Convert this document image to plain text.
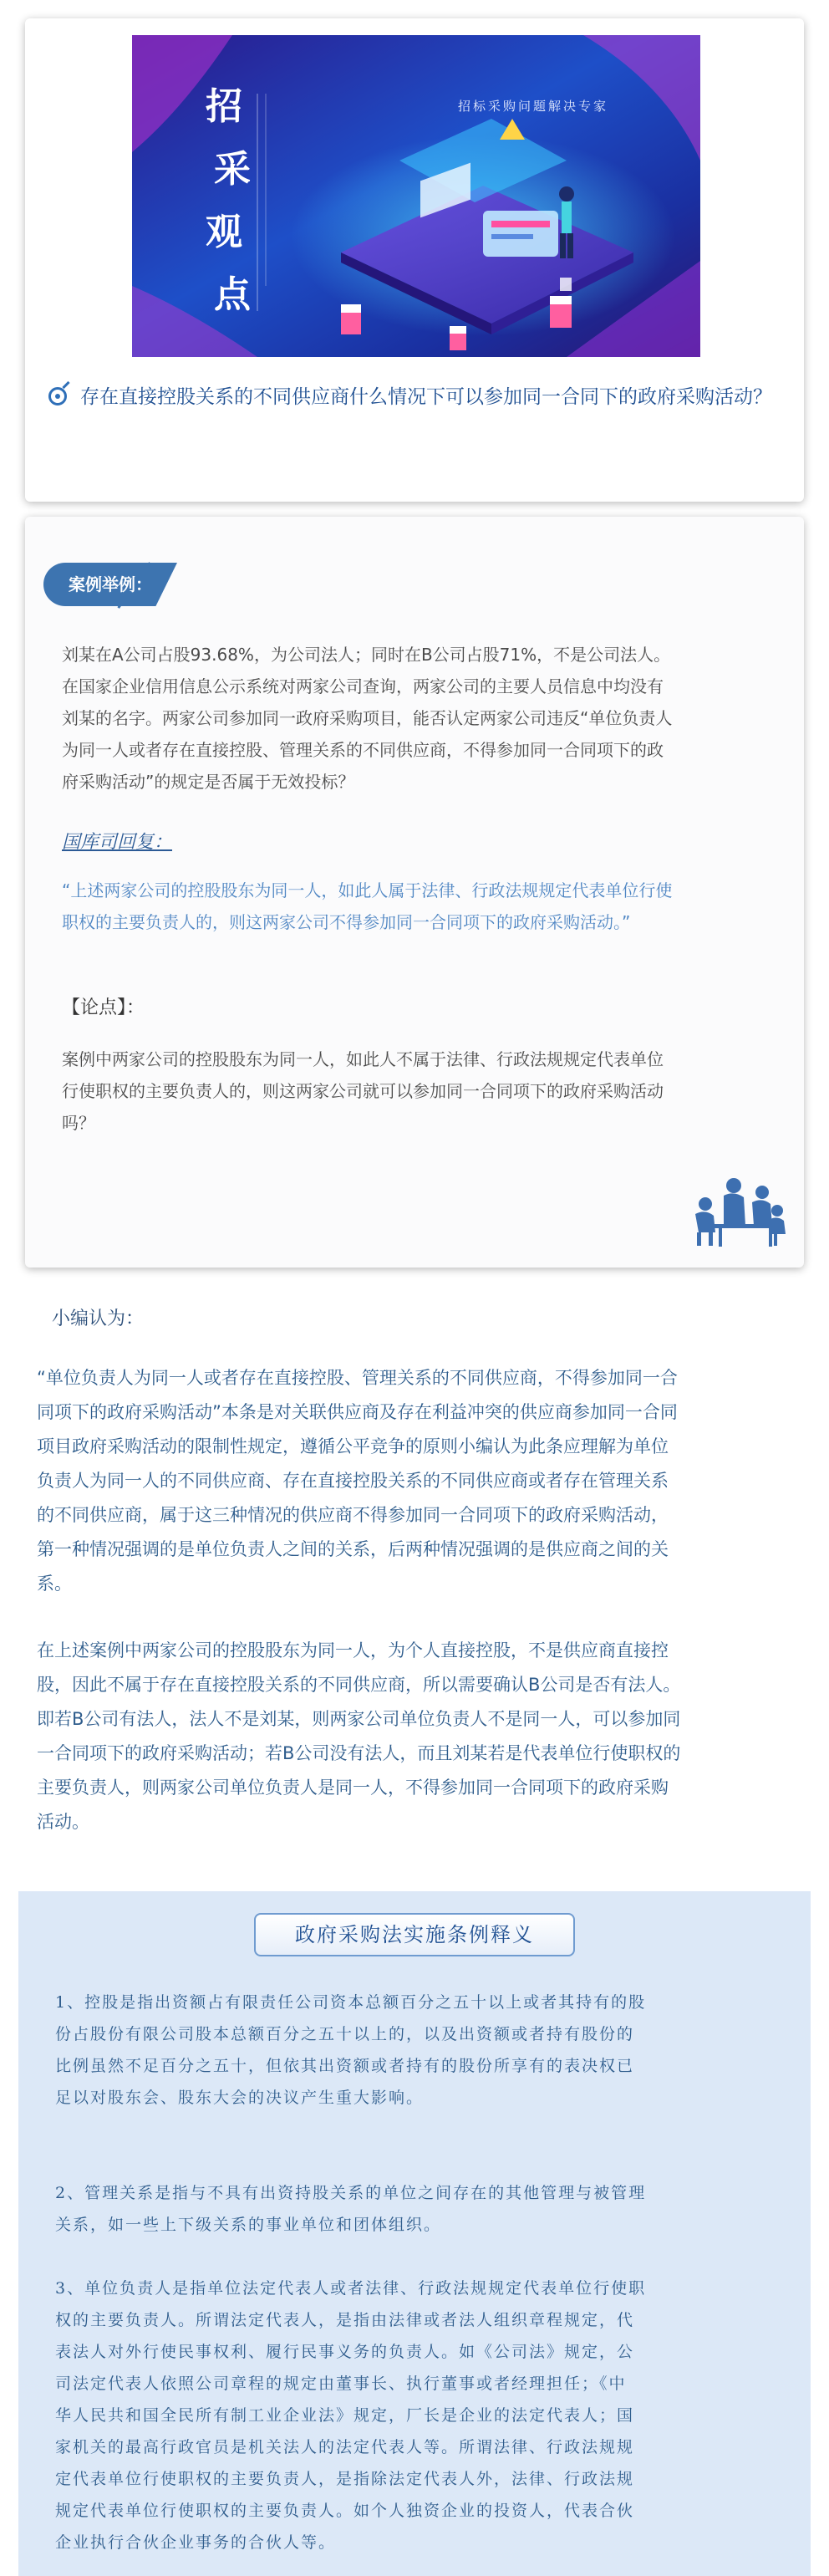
招
采
观
点
招标采购问题解决专家
存在直接控股关系的不同供应商什么情况下可以参加同一合同下的政府采购活动？
案例举例：
刘某在A公司占股93.68%，为公司法人；同时在B公司占股71%，不是公司法人。
在国家企业信用信息公示系统对两家公司查询，两家公司的主要人员信息中均没有
刘某的名字。两家公司参加同一政府采购项目，能否认定两家公司违反“单位负责人
为同一人或者存在直接控股、管理关系的不同供应商，不得参加同一合同项下的政
府采购活动”的规定是否属于无效投标？
国库司回复：
“上述两家公司的控股股东为同一人，如此人属于法律、行政法规规定代表单位行使
职权的主要负责人的，则这两家公司不得参加同一合同项下的政府采购活动。”
【论点】：
案例中两家公司的控股股东为同一人，如此人不属于法律、行政法规规定代表单位
行使职权的主要负责人的，则这两家公司就可以参加同一合同项下的政府采购活动
吗？
小编认为：
“单位负责人为同一人或者存在直接控股、管理关系的不同供应商，不得参加同一合
同项下的政府采购活动”本条是对关联供应商及存在利益冲突的供应商参加同一合同
项目政府采购活动的限制性规定，遵循公平竞争的原则小编认为此条应理解为单位
负责人为同一人的不同供应商、存在直接控股关系的不同供应商或者存在管理关系
的不同供应商，属于这三种情况的供应商不得参加同一合同项下的政府采购活动，
第一种情况强调的是单位负责人之间的关系，后两种情况强调的是供应商之间的关
系。
在上述案例中两家公司的控股股东为同一人，为个人直接控股，不是供应商直接控
股，因此不属于存在直接控股关系的不同供应商，所以需要确认B公司是否有法人。
即若B公司有法人，法人不是刘某，则两家公司单位负责人不是同一人，可以参加同
一合同项下的政府采购活动；若B公司没有法人，而且刘某若是代表单位行使职权的
主要负责人，则两家公司单位负责人是同一人，不得参加同一合同项下的政府采购
活动。
政府采购法实施条例释义
1、控股是指出资额占有限责任公司资本总额百分之五十以上或者其持有的股
份占股份有限公司股本总额百分之五十以上的，以及出资额或者持有股份的
比例虽然不足百分之五十，但依其出资额或者持有的股份所享有的表决权已
足以对股东会、股东大会的决议产生重大影响。
2、管理关系是指与不具有出资持股关系的单位之间存在的其他管理与被管理
关系，如一些上下级关系的事业单位和团体组织。
3、单位负责人是指单位法定代表人或者法律、行政法规规定代表单位行使职
权的主要负责人。所谓法定代表人，是指由法律或者法人组织章程规定，代
表法人对外行使民事权利、履行民事义务的负责人。如《公司法》规定，公
司法定代表人依照公司章程的规定由董事长、执行董事或者经理担任；《中
华人民共和国全民所有制工业企业法》规定，厂长是企业的法定代表人；国
家机关的最高行政官员是机关法人的法定代表人等。所谓法律、行政法规规
定代表单位行使职权的主要负责人，是指除法定代表人外，法律、行政法规
规定代表单位行使职权的主要负责人。如个人独资企业的投资人，代表合伙
企业执行合伙企业事务的合伙人等。
